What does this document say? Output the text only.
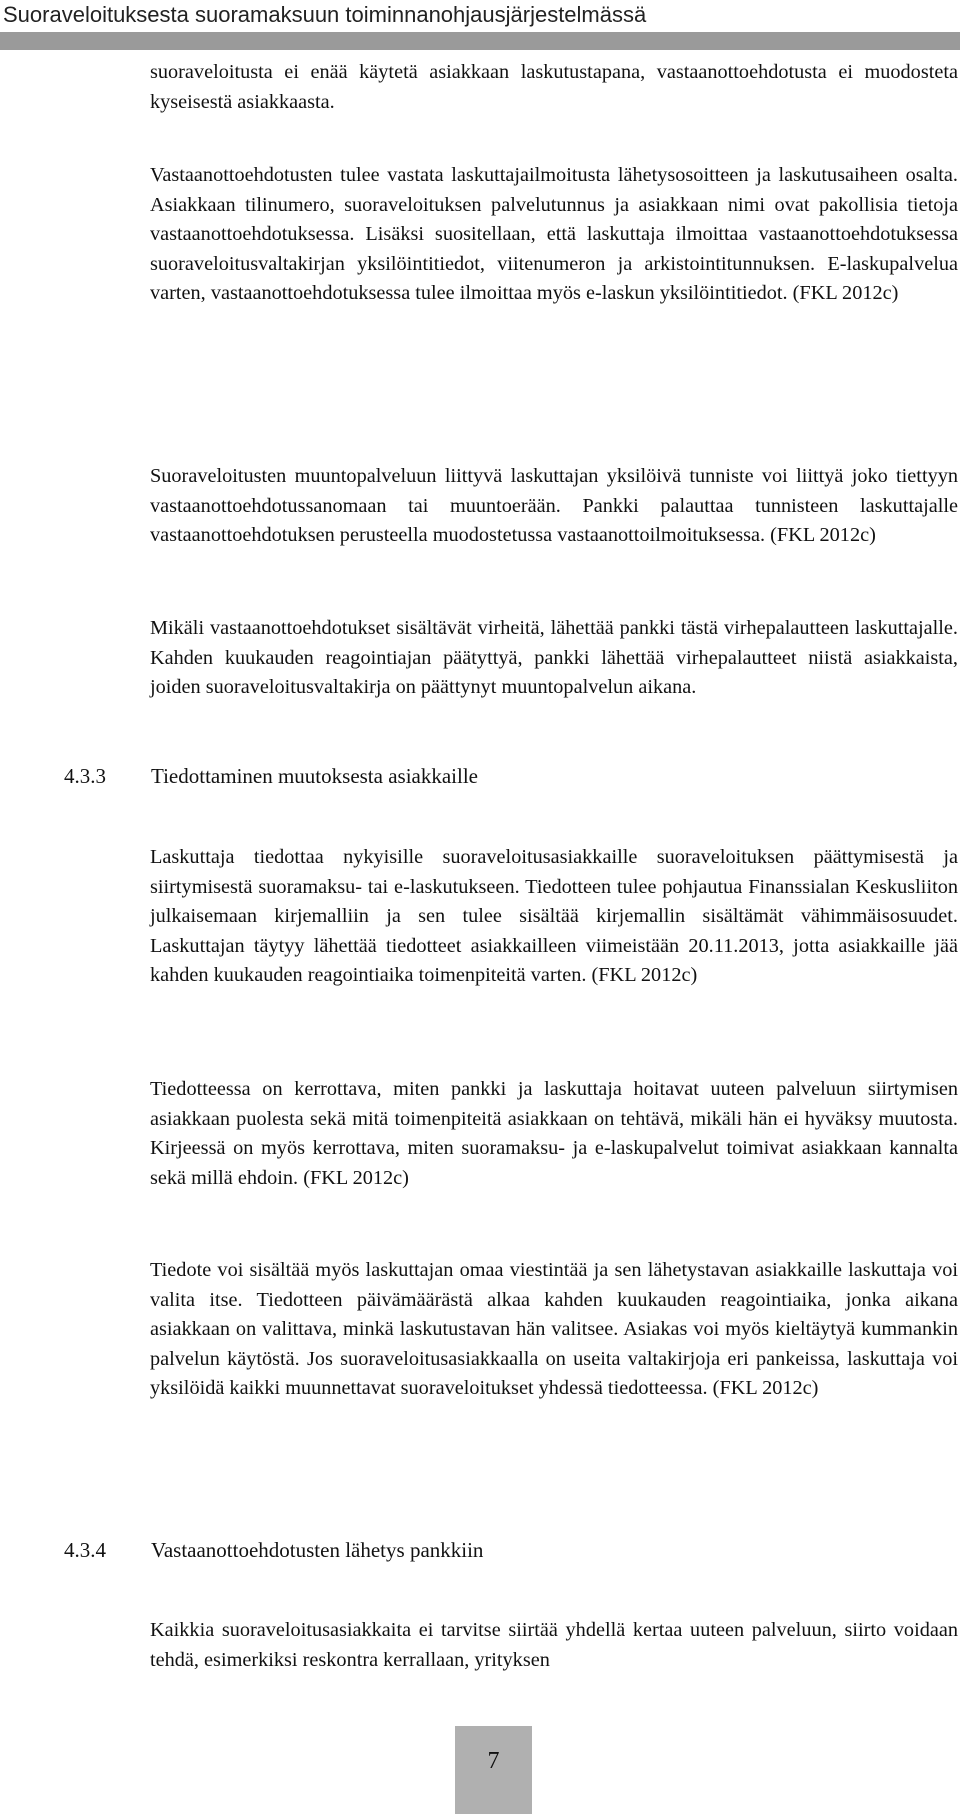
Suoraveloituksesta suoramaksuun toiminnanohjausjärjestelmässä

suoraveloitusta ei enää käytetä asiakkaan laskutustapana, vastaanottoehdotusta ei muodosteta kyseisestä asiakkaasta.

Vastaanottoehdotusten tulee vastata laskuttajailmoitusta lähetysosoitteen ja laskutusaiheen osalta. Asiakkaan tilinumero, suoraveloituksen palvelutunnus ja asiakkaan nimi ovat pakollisia tietoja vastaanottoehdotuksessa. Lisäksi suositellaan, että laskuttaja ilmoittaa vastaanottoehdotuksessa suoraveloitusvaltakirjan yksilöintitiedot, viitenumeron ja arkistointitunnuksen. E-laskupalvelua varten, vastaanottoehdotuksessa tulee ilmoittaa myös e-laskun yksilöintitiedot. (FKL 2012c)

Suoraveloitusten muuntopalveluun liittyvä laskuttajan yksilöivä tunniste voi liittyä joko tiettyyn vastaanottoehdotussanomaan tai muuntoerään. Pankki palauttaa tunnisteen laskuttajalle vastaanottoehdotuksen perusteella muodostetussa vastaanottoilmoituksessa. (FKL 2012c)

Mikäli vastaanottoehdotukset sisältävät virheitä, lähettää pankki tästä virhepalautteen laskuttajalle. Kahden kuukauden reagointiajan päätyttyä, pankki lähettää virhepalautteet niistä asiakkaista, joiden suoraveloitusvaltakirja on päättynyt muuntopalvelun aikana.

4.3.3 Tiedottaminen muutoksesta asiakkaille

Laskuttaja tiedottaa nykyisille suoraveloitusasiakkaille suoraveloituksen päättymisestä ja siirtymisestä suoramaksu- tai e-laskutukseen. Tiedotteen tulee pohjautua Finanssialan Keskusliiton julkaisemaan kirjemalliin ja sen tulee sisältää kirjemallin sisältämät vähimmäisosuudet. Laskuttajan täytyy lähettää tiedotteet asiakkailleen viimeistään 20.11.2013, jotta asiakkaille jää kahden kuukauden reagointiaika toimenpiteitä varten. (FKL 2012c)

Tiedotteessa on kerrottava, miten pankki ja laskuttaja hoitavat uuteen palveluun siirtymisen asiakkaan puolesta sekä mitä toimenpiteitä asiakkaan on tehtävä, mikäli hän ei hyväksy muutosta. Kirjeessä on myös kerrottava, miten suoramaksu- ja e-laskupalvelut toimivat asiakkaan kannalta sekä millä ehdoin. (FKL 2012c)

Tiedote voi sisältää myös laskuttajan omaa viestintää ja sen lähetystavan asiakkaille laskuttaja voi valita itse. Tiedotteen päivämäärästä alkaa kahden kuukauden reagointiaika, jonka aikana asiakkaan on valittava, minkä laskutustavan hän valitsee. Asiakas voi myös kieltäytyä kummankin palvelun käytöstä. Jos suoraveloitusasiakkaalla on useita valtakirjoja eri pankeissa, laskuttaja voi yksilöidä kaikki muunnettavat suoraveloitukset yhdessä tiedotteessa. (FKL 2012c)

4.3.4 Vastaanottoehdotusten lähetys pankkiin

Kaikkia suoraveloitusasiakkaita ei tarvitse siirtää yhdellä kertaa uuteen palveluun, siirto voidaan tehdä, esimerkiksi reskontra kerrallaan, yrityksen

7
